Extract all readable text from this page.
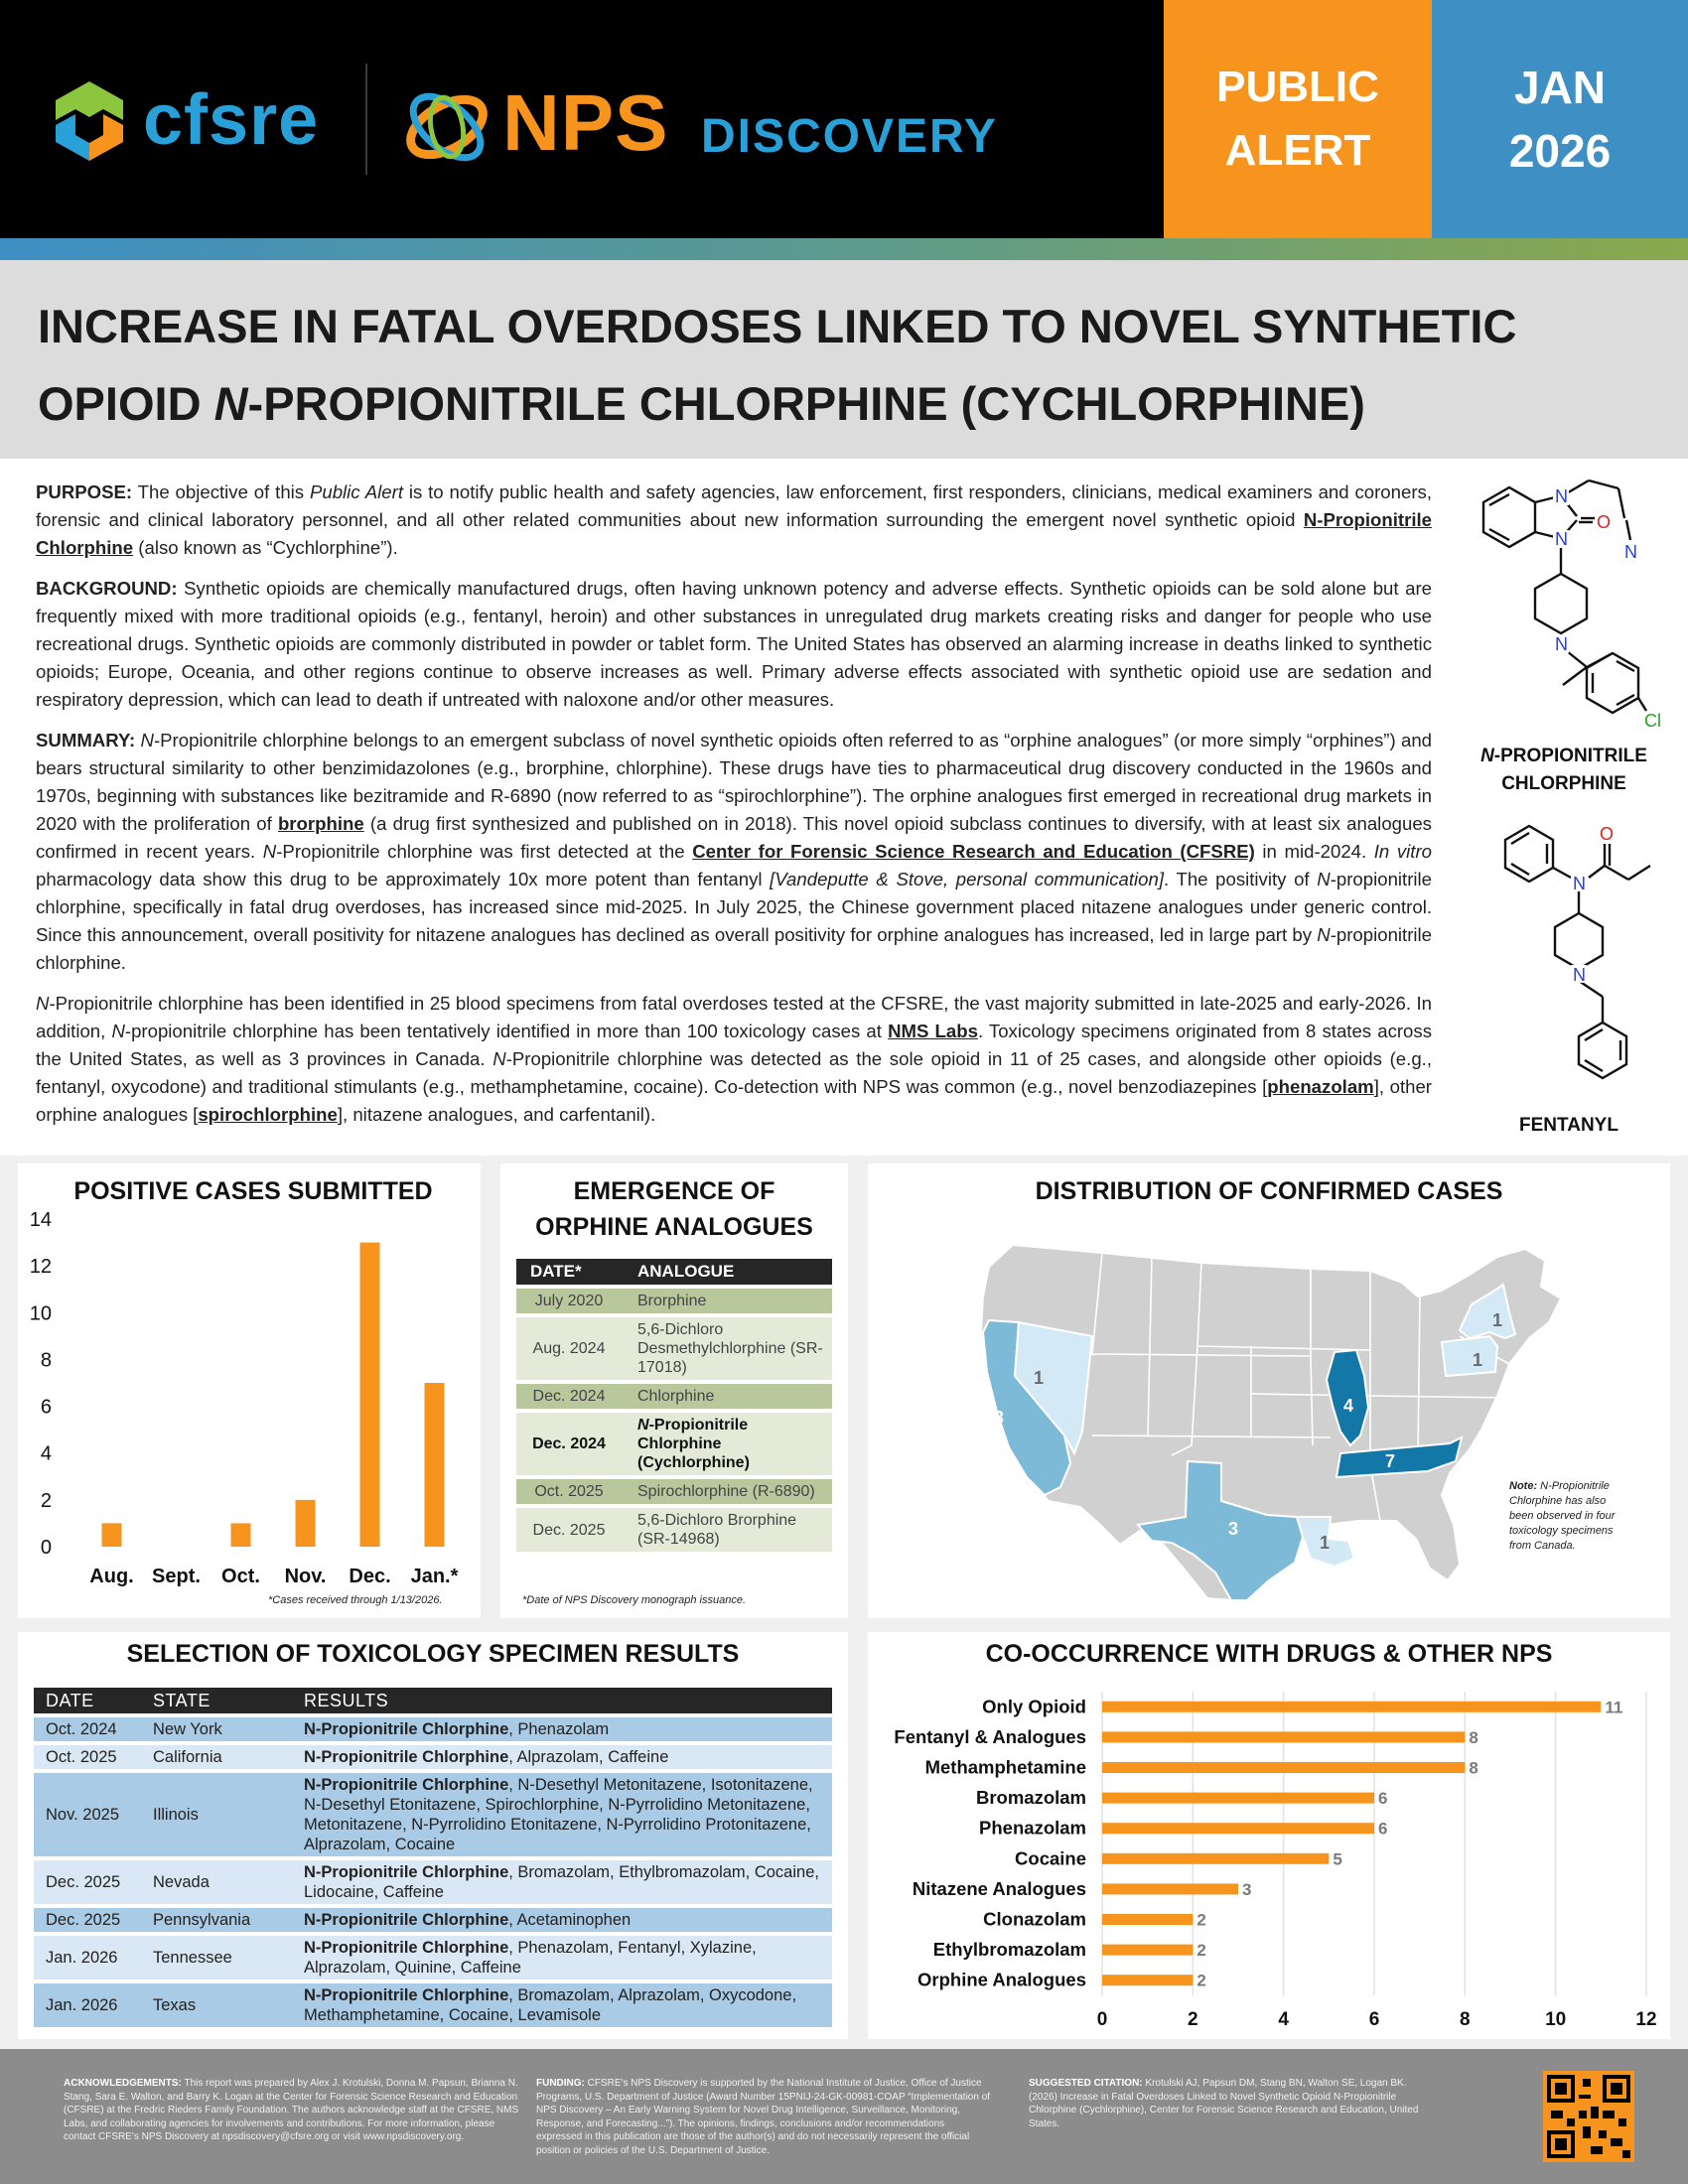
cfsre NPS DISCOVERY
PUBLIC
ALERT
JAN
2026
INCREASE IN FATAL OVERDOSES LINKED TO NOVEL SYNTHETIC
OPIOID N-PROPIONITRILE CHLORPHINE (CYCHLORPHINE)

PURPOSE: The objective of this Public Alert is to notify public health and safety agencies, law enforcement, first responders, clinicians, medical examiners and coroners, forensic and clinical laboratory personnel, and all other related communities about new information surrounding the emergent novel synthetic opioid N-Propionitrile Chlorphine (also known as “Cychlorphine”).

BACKGROUND: Synthetic opioids are chemically manufactured drugs, often having unknown potency and adverse effects. Synthetic opioids can be sold alone but are frequently mixed with more traditional opioids (e.g., fentanyl, heroin) and other substances in unregulated drug markets creating risks and danger for people who use recreational drugs. Synthetic opioids are commonly distributed in powder or tablet form. The United States has observed an alarming increase in deaths linked to synthetic opioids; Europe, Oceania, and other regions continue to observe increases as well. Primary adverse effects associated with synthetic opioid use are sedation and respiratory depression, which can lead to death if untreated with naloxone and/or other measures.

SUMMARY: N-Propionitrile chlorphine belongs to an emergent subclass of novel synthetic opioids often referred to as “orphine analogues” (or more simply “orphines”) and bears structural similarity to other benzimidazolones (e.g., brorphine, chlorphine). These drugs have ties to pharmaceutical drug discovery conducted in the 1960s and 1970s, beginning with substances like bezitramide and R-6890 (now referred to as “spirochlorphine”). The orphine analogues first emerged in recreational drug markets in 2020 with the proliferation of brorphine (a drug first synthesized and published on in 2018). This novel opioid subclass continues to diversify, with at least six analogues confirmed in recent years. N-Propionitrile chlorphine was first detected at the Center for Forensic Science Research and Education (CFSRE) in mid-2024. In vitro pharmacology data show this drug to be approximately 10x more potent than fentanyl [Vandeputte & Stove, personal communication]. The positivity of N-propionitrile chlorphine, specifically in fatal drug overdoses, has increased since mid-2025. In July 2025, the Chinese government placed nitazene analogues under generic control. Since this announcement, overall positivity for nitazene analogues has declined as overall positivity for orphine analogues has increased, led in large part by N-propionitrile chlorphine.

N-Propionitrile chlorphine has been identified in 25 blood specimens from fatal overdoses tested at the CFSRE, the vast majority submitted in late-2025 and early-2026. In addition, N-propionitrile chlorphine has been tentatively identified in more than 100 toxicology cases at NMS Labs. Toxicology specimens originated from 8 states across the United States, as well as 3 provinces in Canada. N-Propionitrile chlorphine was detected as the sole opioid in 11 of 25 cases, and alongside other opioids (e.g., fentanyl, oxycodone) and traditional stimulants (e.g., methamphetamine, cocaine). Co-detection with NPS was common (e.g., novel benzodiazepines [phenazolam], other orphine analogues [spirochlorphine], nitazene analogues, and carfentanil).

N
N
O
N
N
Cl
N-PROPIONITRILE
CHLORPHINE
N
O
N
FENTANYL
POSITIVE CASES SUBMITTED
0
2
4
6
8
10
12
14
Aug. Sept. Oct. Nov. Dec. Jan.*
*Cases received through 1/13/2026.
EMERGENCE OF
ORPHINE ANALOGUES
DATE*	ANALOGUE
July 2020	Brorphine
Aug. 2024	5,6-Dichloro Desmethylchlorphine (SR-17018)
Dec. 2024	Chlorphine
Dec. 2024	N-Propionitrile Chlorphine (Cychlorphine)
Oct. 2025	Spirochlorphine (R-6890)
Dec. 2025	5,6-Dichloro Brorphine (SR-14968)
*Date of NPS Discovery monograph issuance.
DISTRIBUTION OF CONFIRMED CASES
3
1
4
7
3
1
1
1
Note: N-Propionitrile Chlorphine has also been observed in four toxicology specimens from Canada.
SELECTION OF TOXICOLOGY SPECIMEN RESULTS
DATE	STATE	RESULTS
Oct. 2024	New York	N-Propionitrile Chlorphine, Phenazolam
Oct. 2025	California	N-Propionitrile Chlorphine, Alprazolam, Caffeine
Nov. 2025	Illinois	N-Propionitrile Chlorphine, N-Desethyl Metonitazene, Isotonitazene, N-Desethyl Etonitazene, Spirochlorphine, N-Pyrrolidino Metonitazene, Metonitazene, N-Pyrrolidino Etonitazene, N-Pyrrolidino Protonitazene, Alprazolam, Cocaine
Dec. 2025	Nevada	N-Propionitrile Chlorphine, Bromazolam, Ethylbromazolam, Cocaine, Lidocaine, Caffeine
Dec. 2025	Pennsylvania	N-Propionitrile Chlorphine, Acetaminophen
Jan. 2026	Tennessee	N-Propionitrile Chlorphine, Phenazolam, Fentanyl, Xylazine, Alprazolam, Quinine, Caffeine
Jan. 2026	Texas	N-Propionitrile Chlorphine, Bromazolam, Alprazolam, Oxycodone, Methamphetamine, Cocaine, Levamisole
CO-OCCURRENCE WITH DRUGS & OTHER NPS
0	2	4	6	8	10	12
Only Opioid	11
Fentanyl & Analogues	8
Methamphetamine	8
Bromazolam	6
Phenazolam	6
Cocaine	5
Nitazene Analogues	3
Clonazolam	2
Ethylbromazolam	2
Orphine Analogues	2
ACKNOWLEDGEMENTS: This report was prepared by Alex J. Krotulski, Donna M. Papsun, Brianna N. Stang, Sara E. Walton, and Barry K. Logan at the Center for Forensic Science Research and Education (CFSRE) at the Fredric Rieders Family Foundation. The authors acknowledge staff at the CFSRE, NMS Labs, and collaborating agencies for involvements and contributions. For more information, please contact CFSRE's NPS Discovery at npsdiscovery@cfsre.org or visit www.npsdiscovery.org.
FUNDING: CFSRE's NPS Discovery is supported by the National Institute of Justice, Office of Justice Programs, U.S. Department of Justice (Award Number 15PNIJ-24-GK-00981-COAP “Implementation of NPS Discovery – An Early Warning System for Novel Drug Intelligence, Surveillance, Monitoring, Response, and Forecasting...”). The opinions, findings, conclusions and/or recommendations expressed in this publication are those of the author(s) and do not necessarily represent the official position or policies of the U.S. Department of Justice.
SUGGESTED CITATION: Krotulski AJ, Papsun DM, Stang BN, Walton SE, Logan BK. (2026) Increase in Fatal Overdoses Linked to Novel Synthetic Opioid N-Propionitrile Chlorphine (Cychlorphine), Center for Forensic Science Research and Education, United States.
